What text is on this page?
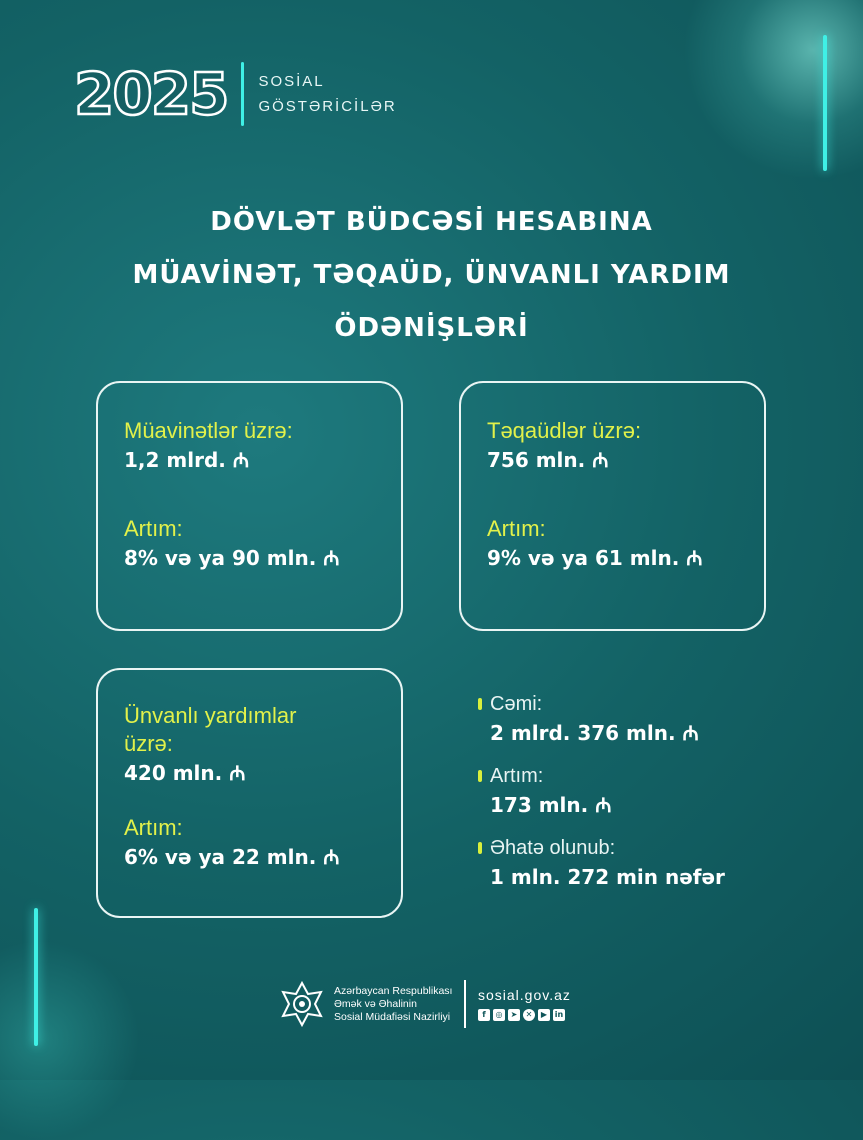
2025 SOSİAL
GÖSTƏRİCİLƏR
DÖVLƏT BÜDCƏSİ HESABINA
MÜAVİNƏT, TƏQAÜD, ÜNVANLI YARDIM
ÖDƏNİŞLƏRİ
Müavinətlər üzrə:
1,2 mlrd. ₼
Artım:
8% və ya 90 mln. ₼
Təqaüdlər üzrə:
756 mln. ₼
Artım:
9% və ya 61 mln. ₼
Ünvanlı yardımlar
üzrə:
420 mln. ₼
Artım:
6% və ya 22 mln. ₼
Cəmi:
2 mlrd. 376 mln. ₼
Artım:
173 mln. ₼
Əhatə olunub:
1 mln. 272 min nəfər
Azərbaycan Respublikası
Əmək və Əhalinin
Sosial Müdafiəsi Nazirliyi
sosial.gov.az
f	◎	➤	✕	▶ in
